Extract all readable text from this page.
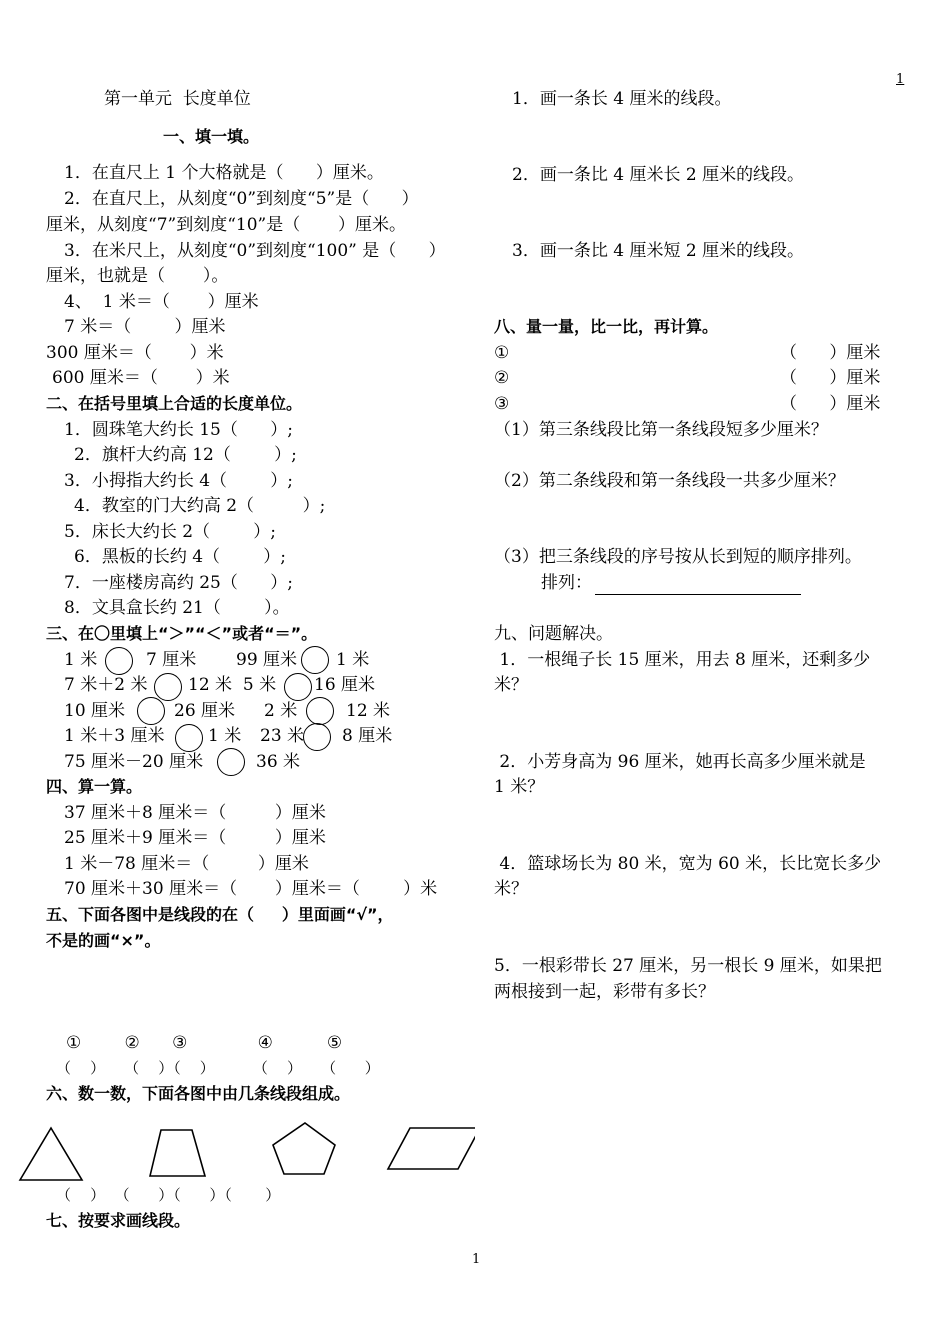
1
1
第一单元  长度单位
一、填一填。
1．在直尺上 1 个大格就是（      ）厘米。
2．在直尺上，从刻度“0”到刻度“5”是（      ）
厘米，从刻度“7”到刻度“10”是（       ）厘米。
3．在米尺上，从刻度“0”到刻度“100” 是（      ）
厘米，也就是（       ）。
4、  1 米＝（       ）厘米
7 米＝（        ）厘米
300 厘米＝（       ）米
600 厘米＝（       ）米
二、在括号里填上合适的长度单位。
1．圆珠笔大约长 15（      ）;
2．旗杆大约高 12（        ）;
3．小拇指大约长 4（        ）;
4．教室的门大约高 2（         ）;
5．床长大约长 2（        ）;
6．黑板的长约 4（        ）;
7．一座楼房高约 25（      ）;
8．文具盒长约 21（        ）。
三、在〇里填上“＞”“＜”或者“＝”。
1 米	7 厘米 99 厘米 1 米
7 米＋2 米 12 米  5 米 16 厘米
10 厘米	26 厘米 2 米	12 米
1 米＋3 厘米	1 米 23 米 8 厘米
75 厘米－20 厘米	36 米
四、算一算。
37 厘米＋8 厘米＝（         ）厘米
25 厘米＋9 厘米＝（         ）厘米
1 米－78 厘米＝（         ）厘米
70 厘米＋30 厘米＝（       ）厘米＝（        ）米
五、下面各图中是线段的在（     ）里面画“√”，
不是的画“×”。
①        ②      ③             ④          ⑤
（    ）    （    ）（    ）        （    ）    （      ）
六、数一数，下面各图中由几条线段组成。
（    ）  （      ）（      ）（       ）
七、按要求画线段。
1．画一条长 4 厘米的线段。
2．画一条比 4 厘米长 2 厘米的线段。
3．画一条比 4 厘米短 2 厘米的线段。
八、量一量，比一比，再计算。
①	（      ）厘米
②	（      ）厘米
③	（      ）厘米
（1）第三条线段比第一条线段短多少厘米？
（2）第二条线段和第一条线段一共多少厘米？
（3）把三条线段的序号按从长到短的顺序排列。
排列：
九、问题解决。
1．一根绳子长 15 厘米，用去 8 厘米，还剩多少
米？
2．小芳身高为 96 厘米，她再长高多少厘米就是
1 米？
4．篮球场长为 80 米，宽为 60 米，长比宽长多少
米？
5．一根彩带长 27 厘米，另一根长 9 厘米，如果把
两根接到一起，彩带有多长？
